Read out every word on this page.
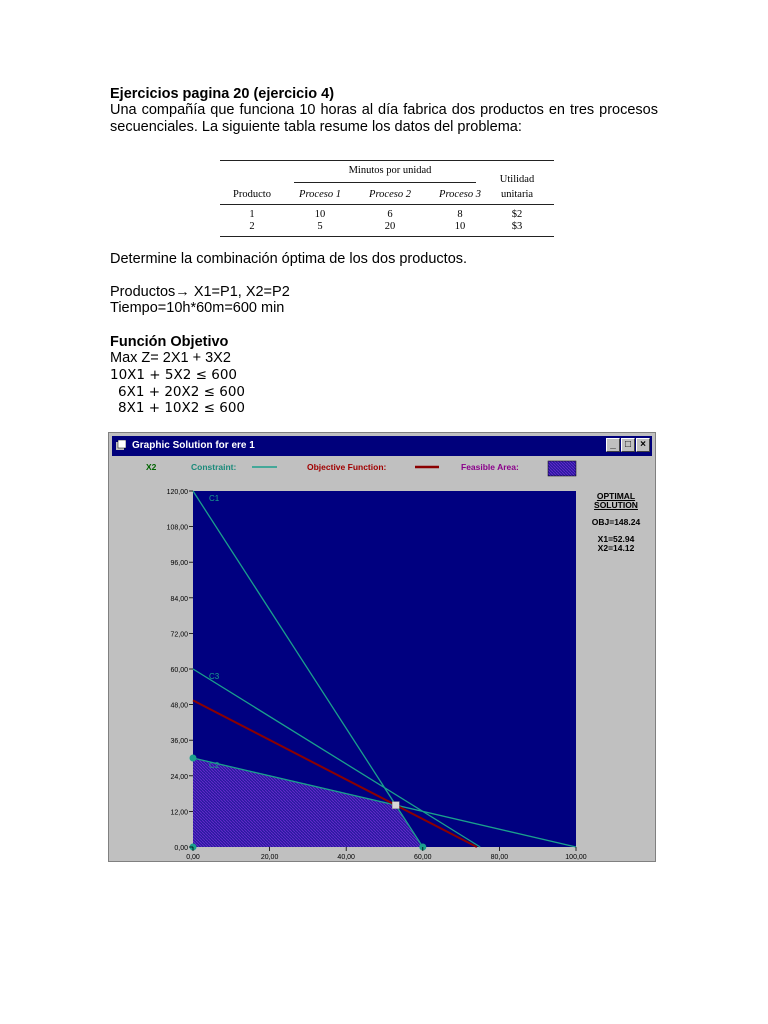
Ejercicios pagina 20 (ejercicio 4)
Una compañía que funciona 10 horas al día fabrica dos productos en tres procesos secuenciales. La siguiente tabla resume los datos del problema:
Minutos por unidad
Utilidad
unitaria
Producto	Proceso 1	Proceso 2	Proceso 3
1	10	6	8	$2
2	5	20	10	$3
Determine la combinación óptima de los dos productos.
Productos→ X1=P1, X2=P2
Tiempo=10h*60m=600 min
Función Objetivo
Max Z= 2X1 + 3X2
10X1 + 5X2 ≤ 600
6X1 + 20X2 ≤ 600
8X1 + 10X2 ≤ 600
Graphic Solution for ere 1	_ □ ×
X2	Constraint:	Objective Function:	Feasible Area:
C1
C2
C3
0,00
12,00
24,00
36,00
48,00
60,00
72,00
84,00
96,00
108,00
120,00
0,00	20,00	40,00	60,00	80,00	100,00
OPTIMAL
SOLUTION
OBJ=148.24
X1=52.94
X2=14.12
